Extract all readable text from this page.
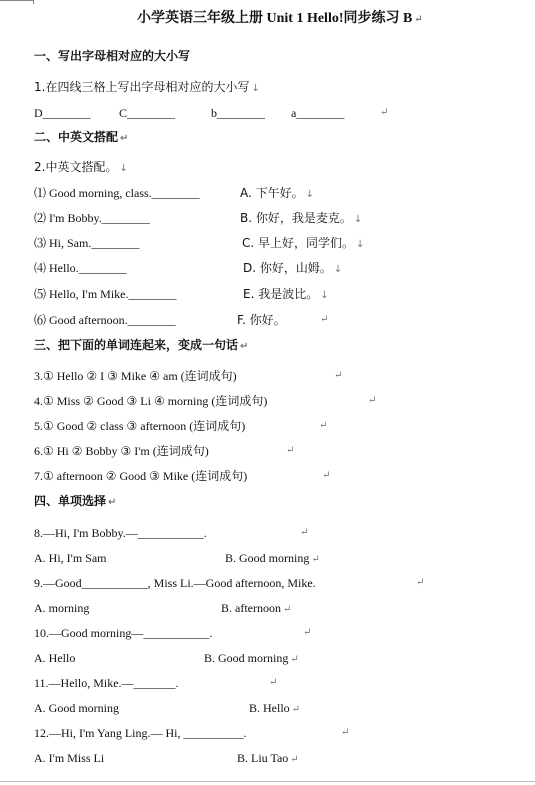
小学英语三年级上册 Unit 1 Hello!同步练习 B ↵
一、写出字母相对应的大小写
1.在四线三格上写出字母相对应的大小写 ↓
D________ C________	b________ a________	↵
二、中英文搭配 ↵
2.中英文搭配。 ↓
⑴ Good morning, class.________	A. 下午好。 ↓
⑵ I'm Bobby.________	B. 你好，我是麦克。 ↓
⑶ Hi, Sam.________	C. 早上好，同学们。 ↓
⑷ Hello.________	D. 你好，山姆。 ↓
⑸ Hello, I'm Mike.________	E. 我是波比。 ↓
⑹ Good afternoon.________	F. 你好。	↵
三、把下面的单词连起来，变成一句话 ↵
3.① Hello ② I ③ Mike ④ am (连词成句)	↵
4.① Miss ② Good ③ Li ④ morning (连词成句)	↵
5.① Good ② class ③ afternoon (连词成句)	↵
6.① Hi ② Bobby ③ I'm (连词成句)	↵
7.① afternoon ② Good ③ Mike (连词成句)	↵
四、单项选择 ↵
8.—Hi, I'm Bobby.—___________.	↵
A. Hi, I'm Sam	B. Good morning ↵
9.—Good___________, Miss Li.—Good afternoon, Mike.	↵
A. morning	B. afternoon ↵
10.—Good morning—___________.	↵
A. Hello	B. Good morning ↵
11.—Hello, Mike.—_______.	↵
A. Good morning	B. Hello ↵
12.—Hi, I'm Yang Ling.— Hi, __________.	↵
A. I'm Miss Li	B. Liu Tao ↵
